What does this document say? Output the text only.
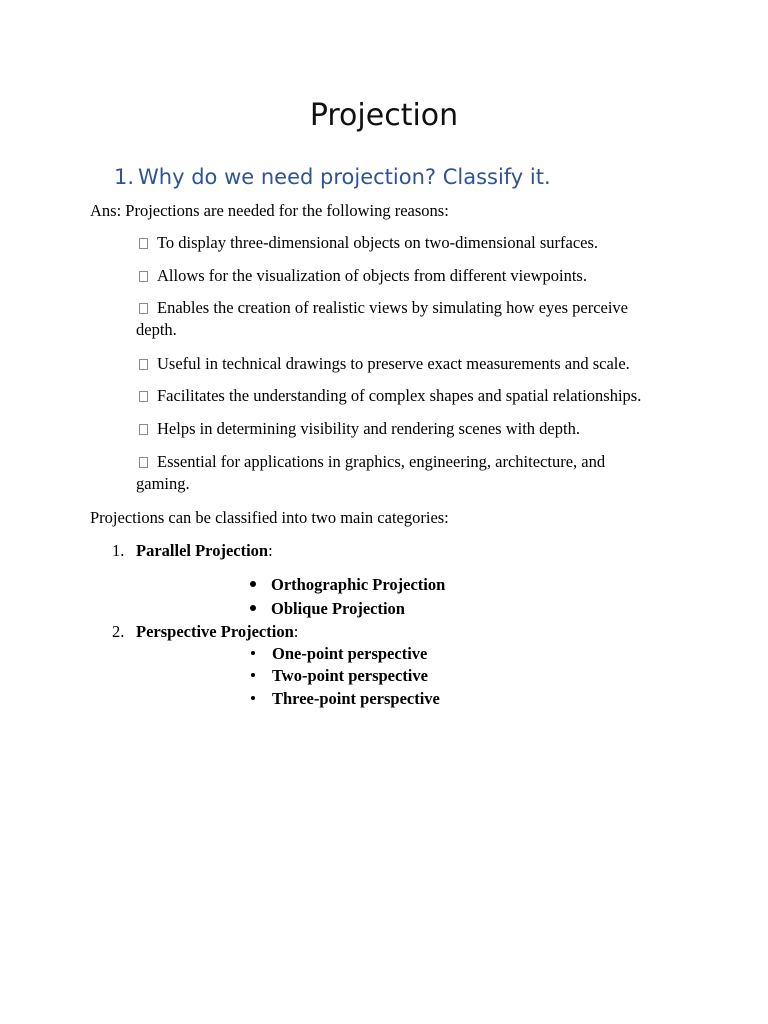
Projection
1. Why do we need projection? Classify it.
Ans: Projections are needed for the following reasons:
To display three-dimensional objects on two-dimensional surfaces.
Allows for the visualization of objects from different viewpoints.
Enables the creation of realistic views by simulating how eyes perceive
depth.
Useful in technical drawings to preserve exact measurements and scale.
Facilitates the understanding of complex shapes and spatial relationships.
Helps in determining visibility and rendering scenes with depth.
Essential for applications in graphics, engineering, architecture, and
gaming.
Projections can be classified into two main categories:
1. Parallel Projection:
Orthographic Projection
Oblique Projection
2. Perspective Projection:
One-point perspective
Two-point perspective
Three-point perspective
